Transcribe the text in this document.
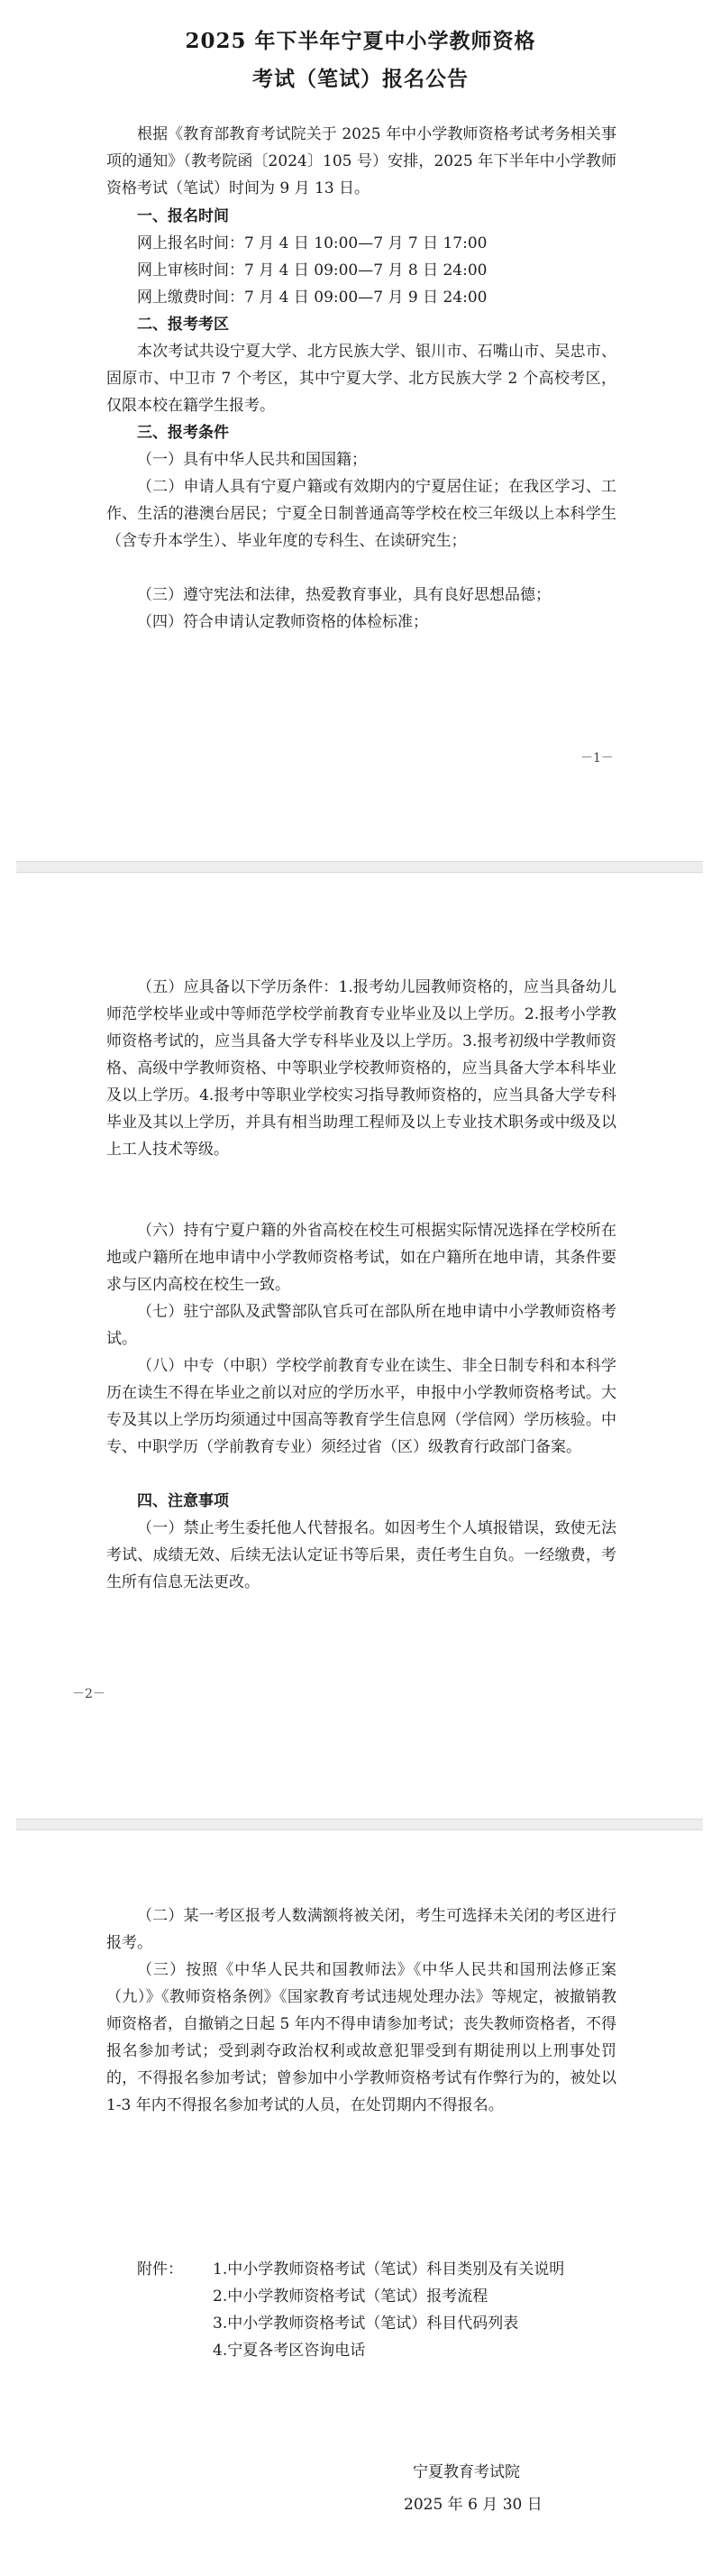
2025 年下半年宁夏中小学教师资格
考试（笔试）报名公告

根据《教育部教育考试院关于 2025 年中小学教师资格考试考务相关事项的通知》（教考院函〔2024〕105 号）安排，2025 年下半年中小学教师资格考试（笔试）时间为 9 月 13 日。

一、报名时间
网上报名时间：7 月 4 日 10:00—7 月 7 日 17:00
网上审核时间：7 月 4 日 09:00—7 月 8 日 24:00
网上缴费时间：7 月 4 日 09:00—7 月 9 日 24:00
二、报考考区

本次考试共设宁夏大学、北方民族大学、银川市、石嘴山市、吴忠市、固原市、中卫市 7 个考区，其中宁夏大学、北方民族大学 2 个高校考区，仅限本校在籍学生报考。

三、报考条件

（一）具有中华人民共和国国籍；

（二）申请人具有宁夏户籍或有效期内的宁夏居住证；在我区学习、工作、生活的港澳台居民；宁夏全日制普通高等学校在校三年级以上本科学生（含专升本学生）、毕业年度的专科生、在读研究生；

（三）遵守宪法和法律，热爱教育事业，具有良好思想品德；

（四）符合申请认定教师资格的体检标准；

－1－

（五）应具备以下学历条件：1.报考幼儿园教师资格的，应当具备幼儿师范学校毕业或中等师范学校学前教育专业毕业及以上学历。2.报考小学教师资格考试的，应当具备大学专科毕业及以上学历。3.报考初级中学教师资格、高级中学教师资格、中等职业学校教师资格的，应当具备大学本科毕业及以上学历。4.报考中等职业学校实习指导教师资格的，应当具备大学专科毕业及其以上学历，并具有相当助理工程师及以上专业技术职务或中级及以上工人技术等级。

（六）持有宁夏户籍的外省高校在校生可根据实际情况选择在学校所在地或户籍所在地申请中小学教师资格考试，如在户籍所在地申请，其条件要求与区内高校在校生一致。

（七）驻宁部队及武警部队官兵可在部队所在地申请中小学教师资格考试。

（八）中专（中职）学校学前教育专业在读生、非全日制专科和本科学历在读生不得在毕业之前以对应的学历水平，申报中小学教师资格考试。大专及其以上学历均须通过中国高等教育学生信息网（学信网）学历核验。中专、中职学历（学前教育专业）须经过省（区）级教育行政部门备案。

四、注意事项

（一）禁止考生委托他人代替报名。如因考生个人填报错误，致使无法考试、成绩无效、后续无法认定证书等后果，责任考生自负。一经缴费，考生所有信息无法更改。

－2－

（二）某一考区报考人数满额将被关闭，考生可选择未关闭的考区进行报考。

（三）按照《中华人民共和国教师法》《中华人民共和国刑法修正案（九）》《教师资格条例》《国家教育考试违规处理办法》等规定，被撤销教师资格者，自撤销之日起 5 年内不得申请参加考试；丧失教师资格者，不得报名参加考试；受到剥夺政治权利或故意犯罪受到有期徒刑以上刑事处罚的，不得报名参加考试；曾参加中小学教师资格考试有作弊行为的，被处以 1-3 年内不得报名参加考试的人员，在处罚期内不得报名。

附件： 1.中小学教师资格考试（笔试）科目类别及有关说明
2.中小学教师资格考试（笔试）报考流程
3.中小学教师资格考试（笔试）科目代码列表
4.宁夏各考区咨询电话
宁夏教育考试院
2025 年 6 月 30 日
